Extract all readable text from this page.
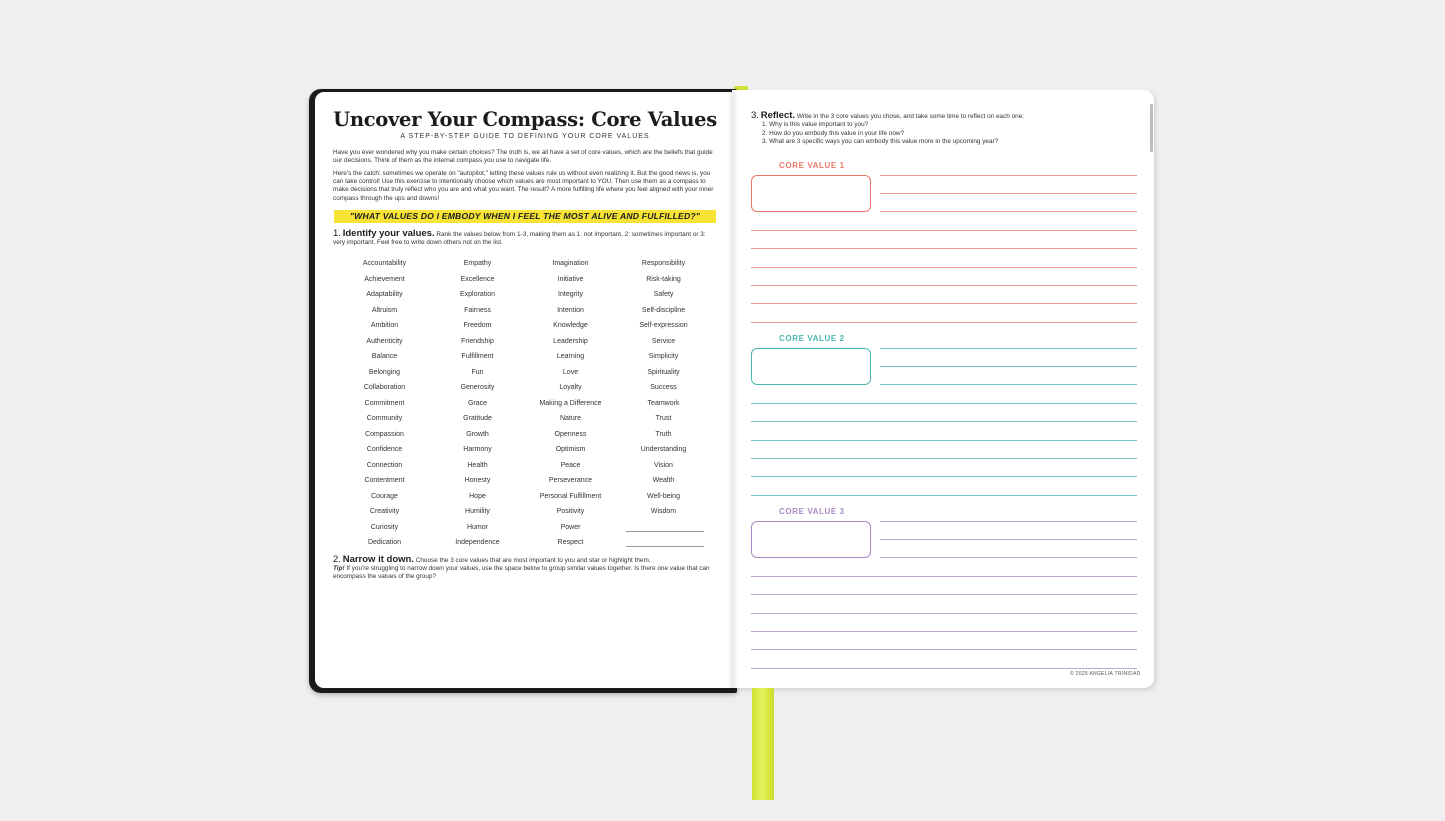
Uncover Your Compass: Core Values
A STEP-BY-STEP GUIDE TO DEFINING YOUR CORE VALUES
Have you ever wondered why you make certain choices? The truth is, we all have a set of core values, which are the beliefs that guide our decisions. Think of them as the internal compass you use to navigate life.
Here's the catch: sometimes we operate on "autopilot," letting these values rule us without even realizing it. But the good news is, you can take control! Use this exercise to intentionally choose which values are most important to YOU. Then use them as a compass to make decisions that truly reflect who you are and what you want. The result? A more fulfilling life where you feel aligned with your inner compass through the ups and downs!
"WHAT VALUES DO I EMBODY WHEN I FEEL THE MOST ALIVE AND FULFILLED?"
1. Identify your values. Rank the values below from 1-3, making them as 1: not important, 2: sometimes important or 3: very important. Feel free to write down others not on the list.
Accountability	Empathy	Imagination	Responsibility
Achievement	Excellence	Initiative	Risk-taking
Adaptability	Exploration	Integrity	Safety
Altruism	Fairness	Intention	Self-discipline
Ambition	Freedom	Knowledge	Self-expression
Authenticity	Friendship	Leadership	Service
Balance	Fulfillment	Learning	Simplicity
Belonging	Fun	Love	Spirituality
Collaboration	Generosity	Loyalty	Success
Commitment	Grace	Making a Difference	Teamwork
Community	Gratitude	Nature	Trust
Compassion	Growth	Openness	Truth
Confidence	Harmony	Optimism	Understanding
Connection	Health	Peace	Vision
Contentment	Honesty	Perseverance	Wealth
Courage	Hope	Personal Fulfillment	Well-being
Creativity	Humility	Positivity	Wisdom
Curiosity	Humor	Power
Dedication	Independence	Respect
2. Narrow it down. Choose the 3 core values that are most important to you and star or highlight them.
Tip! If you're struggling to narrow down your values, use the space below to group similar values together. Is there one value that can encompass the values of the group?
3. Reflect. Write in the 3 core values you chose, and take some time to reflect on each one:
1. Why is this value important to you?
2. How do you embody this value in your life now?
3. What are 3 specific ways you can embody this value more in the upcoming year?
CORE VALUE 1
CORE VALUE 2
CORE VALUE 3
© 2025 ANGELIA TRINIDAD
